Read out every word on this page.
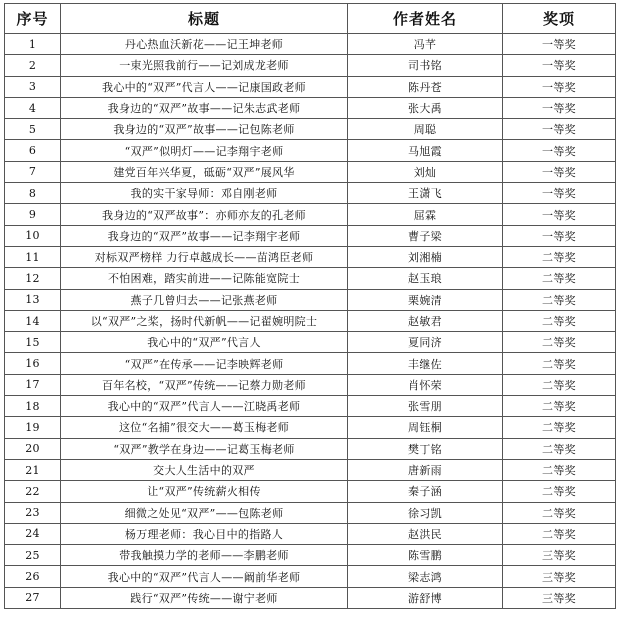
序号	标题	作者姓名	奖项
1	丹心热血沃新花——记王坤老师	冯芊	一等奖
2	一束光照我前行——记刘成龙老师	司书铭	一等奖
3	我心中的“双严”代言人——记康国政老师	陈丹苍	一等奖
4	我身边的“双严”故事——记朱志武老师	张大禹	一等奖
5	我身边的“双严”故事——记包陈老师	周聪	一等奖
6	“双严”似明灯——记李翔宇老师	马旭霞	一等奖
7	建党百年兴华夏，砥砺“双严”展风华	刘灿	一等奖
8	我的实干家导师：邓自刚老师	王潇飞	一等奖
9	我身边的“双严故事”：亦师亦友的孔老师	屈霖	一等奖
10	我身边的“双严”故事——记李翔宇老师	曹子梁	一等奖
11	对标双严榜样 力行卓越成长——苗鸿臣老师	刘湘楠	二等奖
12	不怕困难，踏实前进——记陈能宽院士	赵玉琅	二等奖
13	燕子几曾归去——记张燕老师	栗婉清	二等奖
14	以“双严”之桨，扬时代新帆——记翟婉明院士	赵敏君	二等奖
15	我心中的“双严”代言人	夏同济	二等奖
16	“双严”在传承——记李映辉老师	丰继佐	二等奖
17	百年名校，“双严”传统——记蔡力勋老师	肖怀荣	二等奖
18	我心中的“双严”代言人——江晓禹老师	张雪朋	二等奖
19	这位“名捕”很交大——葛玉梅老师	周钰桐	二等奖
20	“双严”教学在身边——记葛玉梅老师	樊丁铭	二等奖
21	交大人生活中的双严	唐新雨	二等奖
22	让“双严”传统薪火相传	秦子涵	二等奖
23	细微之处见“双严”——包陈老师	徐习凯	二等奖
24	杨万理老师：我心目中的指路人	赵洪民	二等奖
25	带我触摸力学的老师——李鹏老师	陈雪鹏	三等奖
26	我心中的“双严”代言人——阚前华老师	梁志鸿	三等奖
27	践行“双严”传统——谢宁老师	游舒博	三等奖
